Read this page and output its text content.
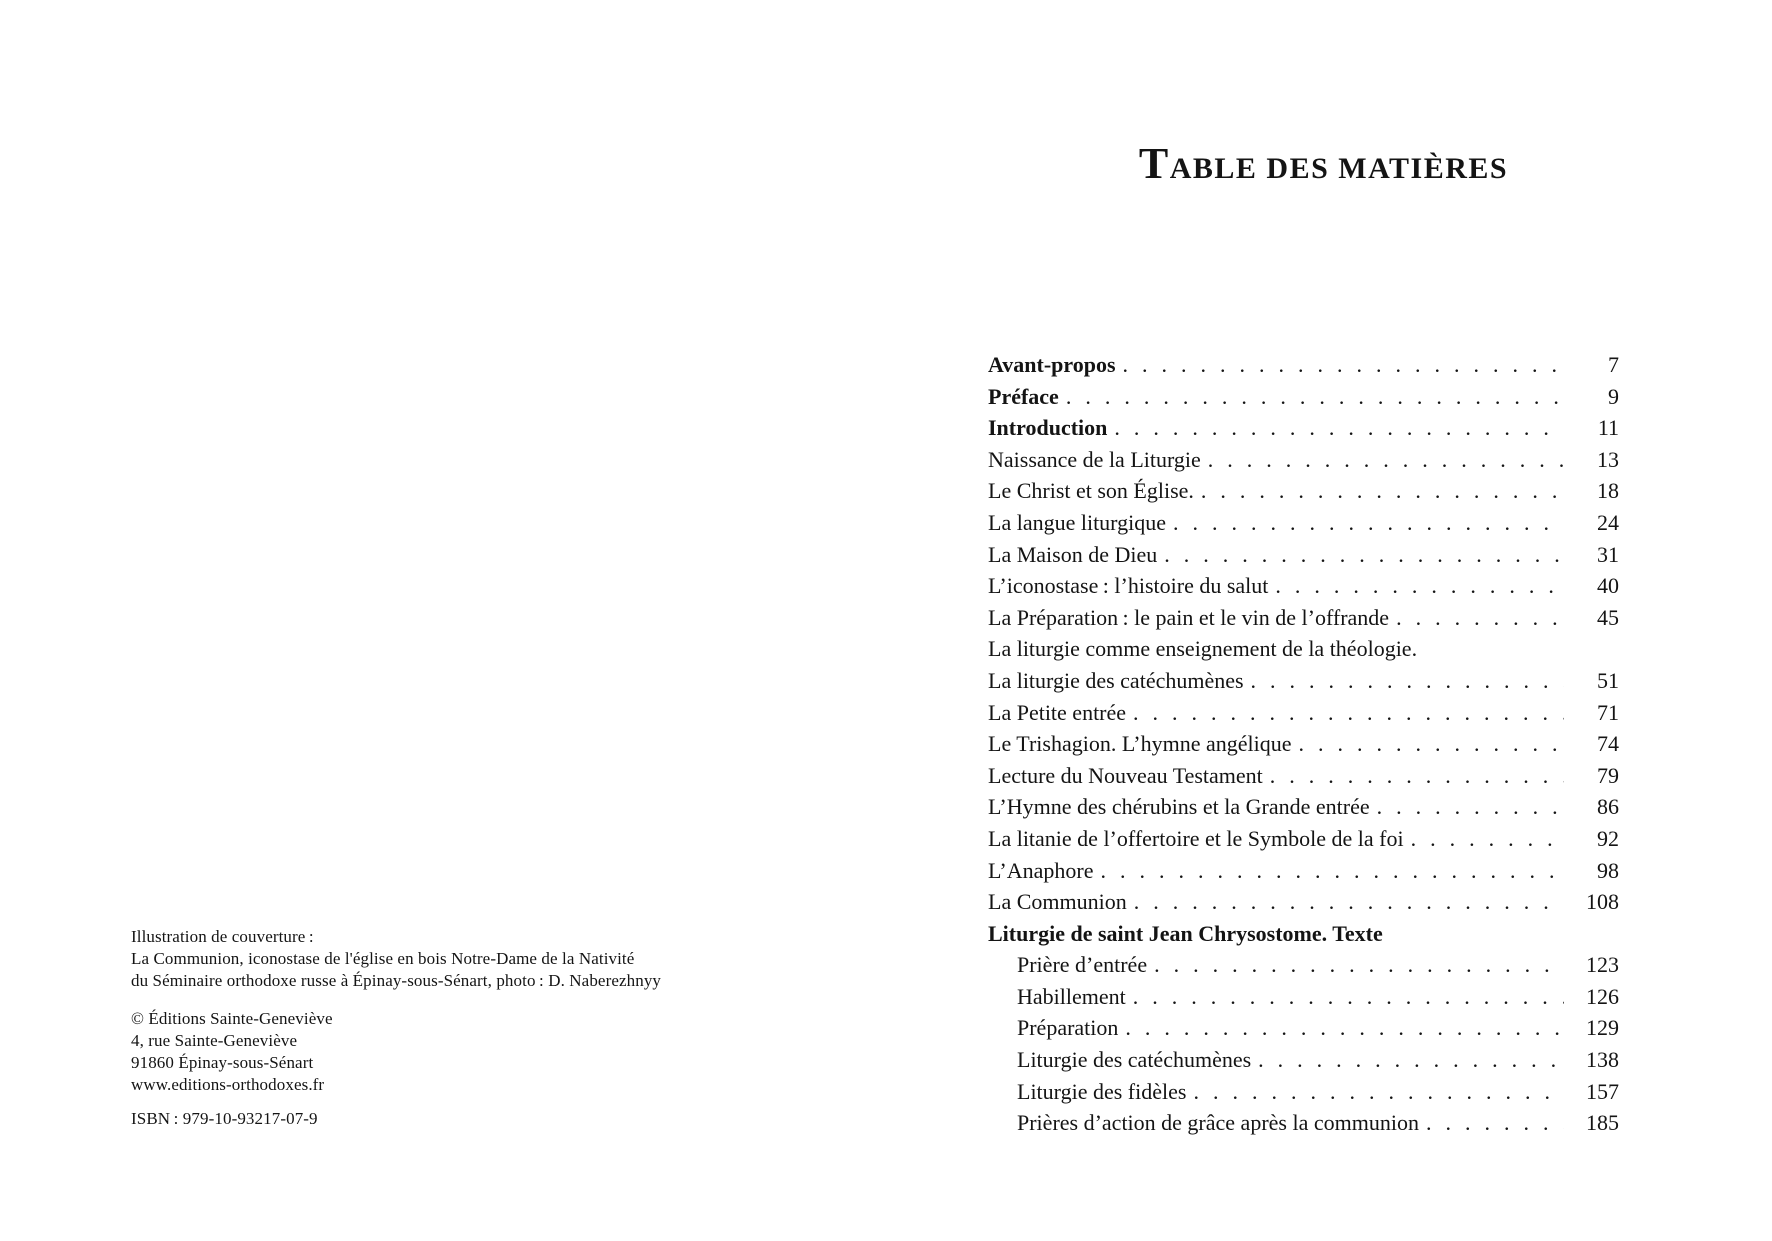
Illustration de couverture :
La Communion, iconostase de l'église en bois Notre-Dame de la Nativité
du Séminaire orthodoxe russe à Épinay-sous-Sénart, photo : D. Naberezhnyy
© Éditions Sainte-Geneviève
4, rue Sainte-Geneviève
91860 Épinay-sous-Sénart
www.editions-orthodoxes.fr
ISBN : 979-10-93217-07-9
TABLE DES MATIÈRES
Avant-propos . . .	7
Préface . . .	9
Introduction . . .	11
Naissance de la Liturgie . . .	13
Le Christ et son Église. . . .	18
La langue liturgique . . .	24
La Maison de Dieu . . .	31
L’iconostase : l’histoire du salut . . .	40
La Préparation : le pain et le vin de l’offrande . . .	45
La liturgie comme enseignement de la théologie.
La liturgie des catéchumènes . . .	51
La Petite entrée . . .	71
Le Trishagion. L’hymne angélique . . .	74
Lecture du Nouveau Testament . . .	79
L’Hymne des chérubins et la Grande entrée . . .	86
La litanie de l’offertoire et le Symbole de la foi . . .	92
L’Anaphore . . .	98
La Communion . . .	108
Liturgie de saint Jean Chrysostome. Texte
Prière d’entrée . . .	123
Habillement . . .	126
Préparation . . .	129
Liturgie des catéchumènes . . .	138
Liturgie des fidèles . . .	157
Prières d’action de grâce après la communion . . .	185
